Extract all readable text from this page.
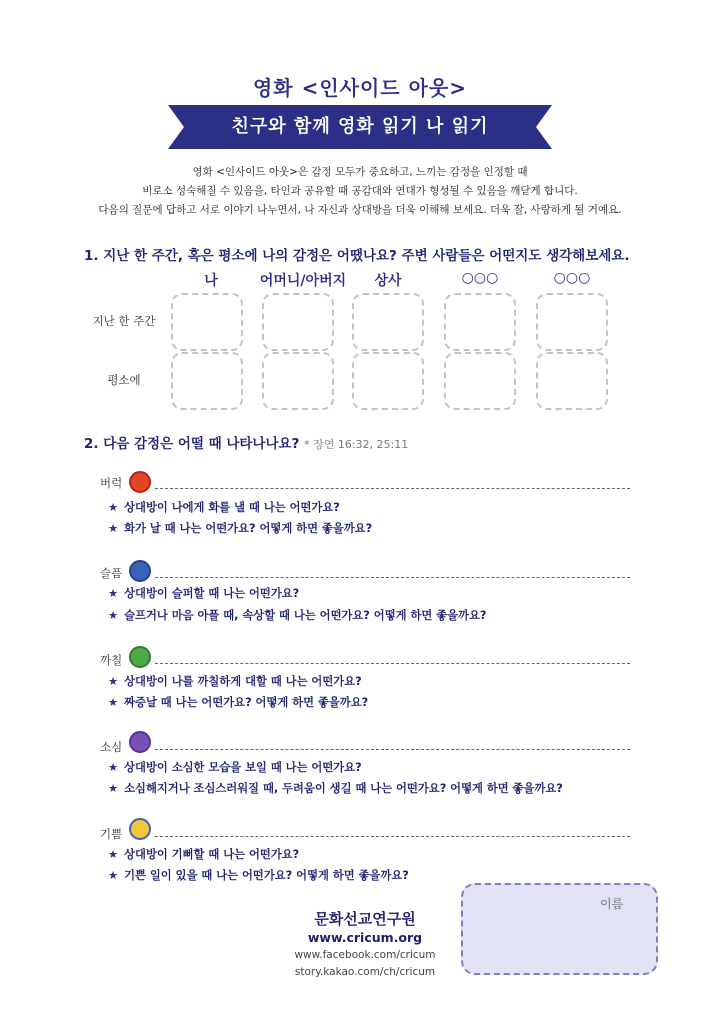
영화 <인사이드 아웃>
친구와 함께 영화 읽기 나 읽기
영화 <인사이드 아웃>은 감정 모두가 중요하고, 느끼는 감정을 인정할 때
비로소 성숙해질 수 있음을, 타인과 공유할 때 공감대와 연대가 형성될 수 있음을 깨닫게 합니다.
다음의 질문에 답하고 서로 이야기 나누면서, 나 자신과 상대방을 더욱 이해해 보세요. 더욱 잘, 사랑하게 될 거예요.
1. 지난 한 주간, 혹은 평소에 나의 감정은 어땠나요? 주변 사람들은 어떤지도 생각해보세요.
나	어머니/아버지	상사	○○○	○○○
지난 한 주간
평소에
2. 다음 감정은 어떨 때 나타나나요? * 장연 16:32, 25:11
버럭
★ 상대방이 나에게 화를 낼 때 나는 어떤가요?
★ 화가 날 때 나는 어떤가요? 어떻게 하면 좋을까요?
슬픔
★ 상대방이 슬퍼할 때 나는 어떤가요?
★ 슬프거나 마음 아플 때, 속상할 때 나는 어떤가요? 어떻게 하면 좋을까요?
까칠
★ 상대방이 나를 까칠하게 대할 때 나는 어떤가요?
★ 짜증날 때 나는 어떤가요? 어떻게 하면 좋을까요?
소심
★ 상대방이 소심한 모습을 보일 때 나는 어떤가요?
★ 소심해지거나 조심스러워질 때, 두려움이 생길 때 나는 어떤가요? 어떻게 하면 좋을까요?
기쁨
★ 상대방이 기뻐할 때 나는 어떤가요?
★ 기쁜 일이 있을 때 나는 어떤가요? 어떻게 하면 좋을까요?
문화선교연구원
www.cricum.org
www.facebook.com/cricum
story.kakao.com/ch/cricum
이름
